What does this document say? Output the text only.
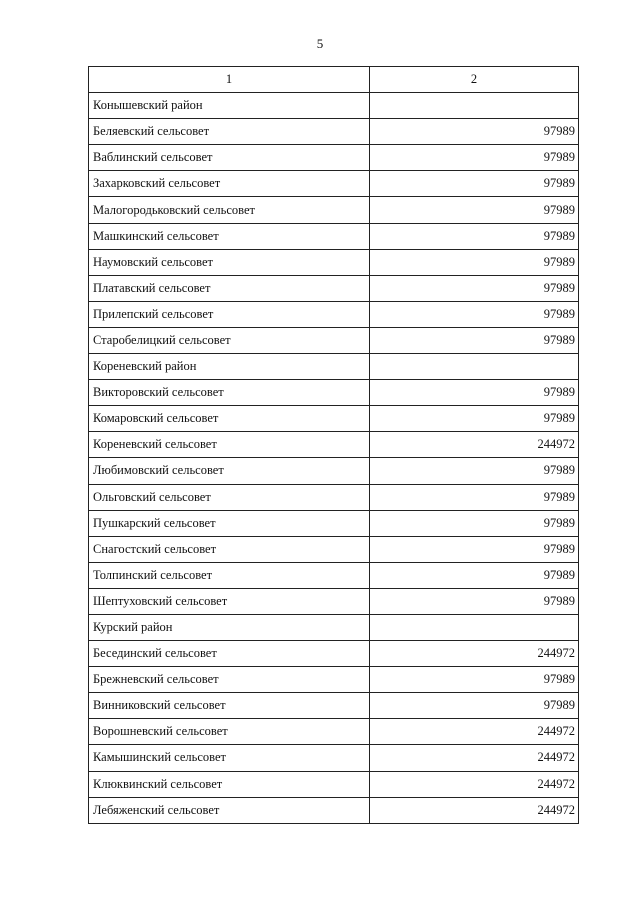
5
1	2
Конышевский район	
Беляевский сельсовет	97989
Ваблинский сельсовет	97989
Захарковский сельсовет	97989
Малогородьковский сельсовет	97989
Машкинский сельсовет	97989
Наумовский сельсовет	97989
Платавский сельсовет	97989
Прилепский сельсовет	97989
Старобелицкий сельсовет	97989
Кореневский район	
Викторовский сельсовет	97989
Комаровский сельсовет	97989
Кореневский сельсовет	244972
Любимовский сельсовет	97989
Ольговский сельсовет	97989
Пушкарский сельсовет	97989
Снагостский сельсовет	97989
Толпинский сельсовет	97989
Шептуховский сельсовет	97989
Курский район	
Бесединский сельсовет	244972
Брежневский сельсовет	97989
Винниковский сельсовет	97989
Ворошневский сельсовет	244972
Камышинский сельсовет	244972
Клюквинский сельсовет	244972
Лебяженский сельсовет	244972
